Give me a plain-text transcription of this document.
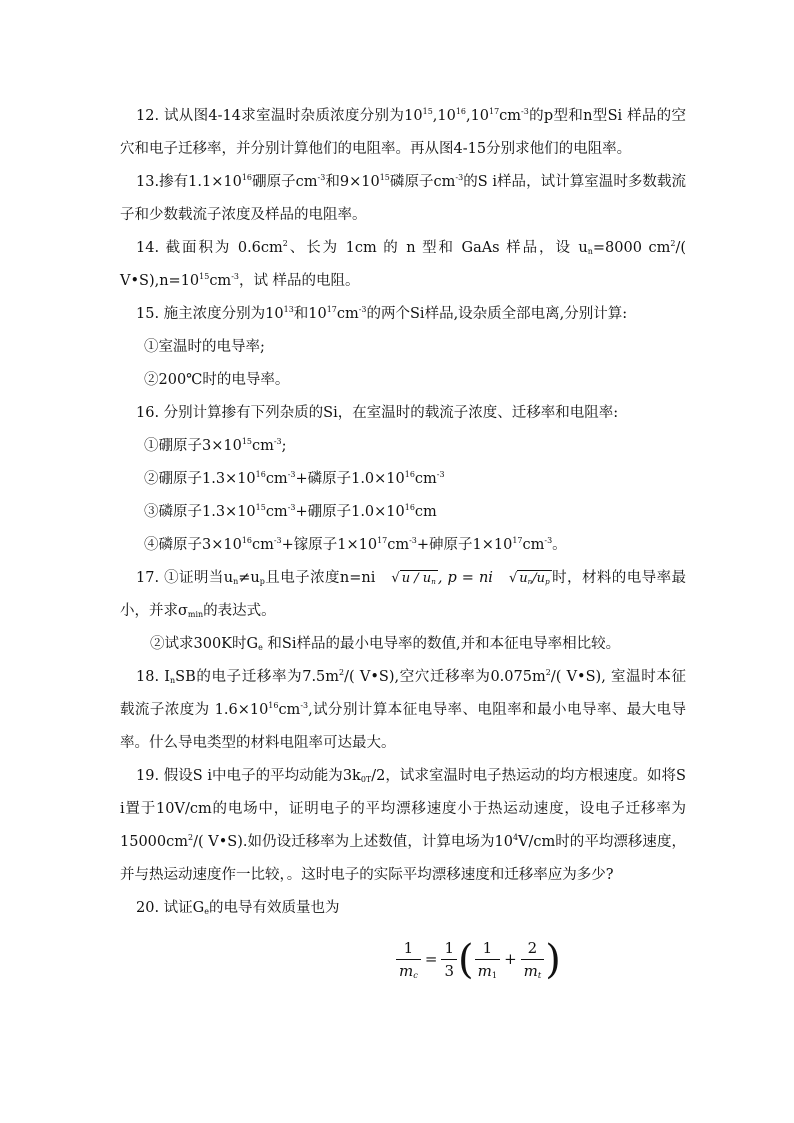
12. 试从图4-14求室温时杂质浓度分别为$10^{15},10^{16},10^{17}cm^{-3}$的p型和n型Si 样品的空穴和电子迁移率，并分别计算他们的电阻率。再从图4-15分别求他们的电阻率。

13.掺有$1.1\times 10^{16}$硼原子$cm^{-3}$和$9\times 10^{15}$磷原子$cm^{-3}$的S i样品，试计算室温时多数载流子和少数载流子浓度及样品的电阻率。

14. 截面积为 $0.6cm^2$、长为 1cm 的 n 型和 GaAs 样品，设 un=8000 $cm^2/$( $V•S),n=10^{15}cm^{-3}$，试 样品的电阻。

15. 施主浓度分别为$10^{13}$和$10^{17}cm^{-3}$的两个Si样品,设杂质全部电离,分别计算:

①室温时的电导率;

②200℃时的电导率。

16. 分别计算掺有下列杂质的Si，在室温时的载流子浓度、迁移率和电阻率:

①硼原子$3\times 10^{15}cm^{-3}$;

②硼原子$1.3\times 10^{16}cm^{-3}+$磷原子$1.0\times 10^{16}cm^{-3}$

③磷原子$1.3\times 10^{15}cm^{-3}+$硼原子$1.0\times 10^{16}cm$

④磷原子$3\times 10^{16}cm^{-3}+$镓原子$1\times 10^{17}cm^{-3}+$砷原子$1\times 10^{17}cm^{-3}$。

17. ①证明当un≠up且电子浓度n=ni √ u / un , p = ni √ un/up 时，材料的电导率最小，并求σmin的表达式。

②试求300K时Ge 和Si样品的最小电导率的数值,并和本征电导率相比较。

18. InSB的电子迁移率为$7.5m^2/$( V•S),空穴迁移率为$0.075m^2/$( V•S), 室温时本征载流子浓度为 $1.6\times 10^{16}cm^{-3}$,试分别计算本征电导率、电阻率和最小电导率、最大电导率。什么导电类型的材料电阻率可达最大。

19. 假设S i中电子的平均动能为3k0T/2，试求室温时电子热运动的均方根速度。如将S i置于10V/cm的电场中，证明电子的平均漂移速度小于热运动速度，设电子迁移率为$15000cm^2/$( V•S).如仍设迁移率为上述数值，计算电场为$10^4V/cm$时的平均漂移速度，并与热运动速度作一比较，。这时电子的实际平均漂移速度和迁移率应为多少?

20. 试证Ge的电导有效质量也为

$\frac{1}{mc} = \frac{1}{3}$ ( $\frac{1}{m1} + \frac{2}{mt}$ )
